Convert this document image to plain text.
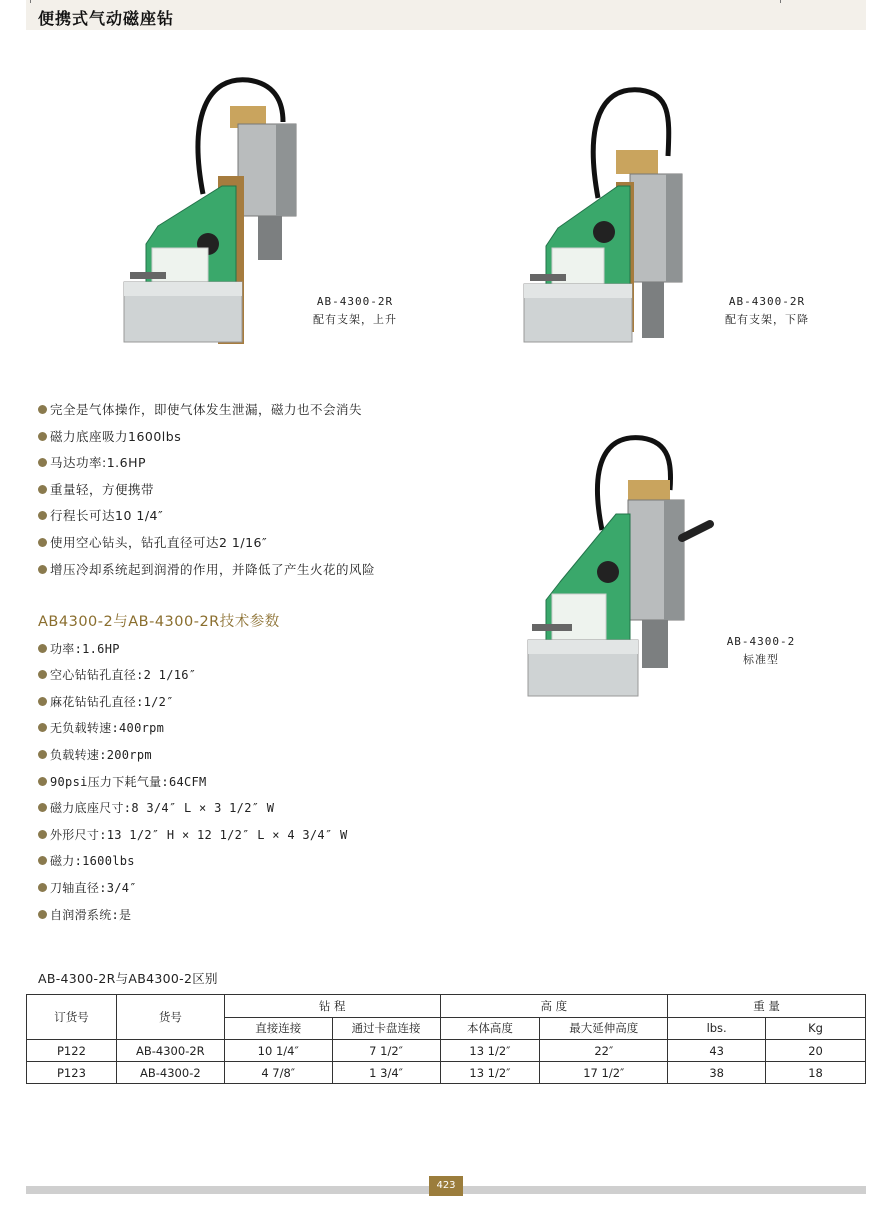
便携式气动磁座钻
AB-4300-2R
配有支架，上升
AB-4300-2R
配有支架，下降
AB-4300-2
标准型
完全是气体操作，即使气体发生泄漏，磁力也不会消失
磁力底座吸力1600lbs
马达功率:1.6HP
重量轻，方便携带
行程长可达10 1/4″
使用空心钻头，钻孔直径可达2 1/16″
增压冷却系统起到润滑的作用，并降低了产生火花的风险
AB4300-2与AB-4300-2R技术参数
功率:1.6HP
空心钻钻孔直径:2 1/16″
麻花钻钻孔直径:1/2″
无负载转速:400rpm
负载转速:200rpm
90psi压力下耗气量:64CFM
磁力底座尺寸:8 3/4″ L × 3 1/2″ W
外形尺寸:13 1/2″ H × 12 1/2″ L × 4 3/4″ W
磁力:1600lbs
刀轴直径:3/4″
自润滑系统:是
AB-4300-2R与AB4300-2区别
订货号	货号	钻 程		高 度		重 量	
		直接连接	通过卡盘连接	本体高度	最大延伸高度	lbs.	Kg
P122	AB-4300-2R	10 1/4″	7 1/2″	13 1/2″	22″	43	20
P123	AB-4300-2	4 7/8″	1 3/4″	13 1/2″	17 1/2″	38	18
423
